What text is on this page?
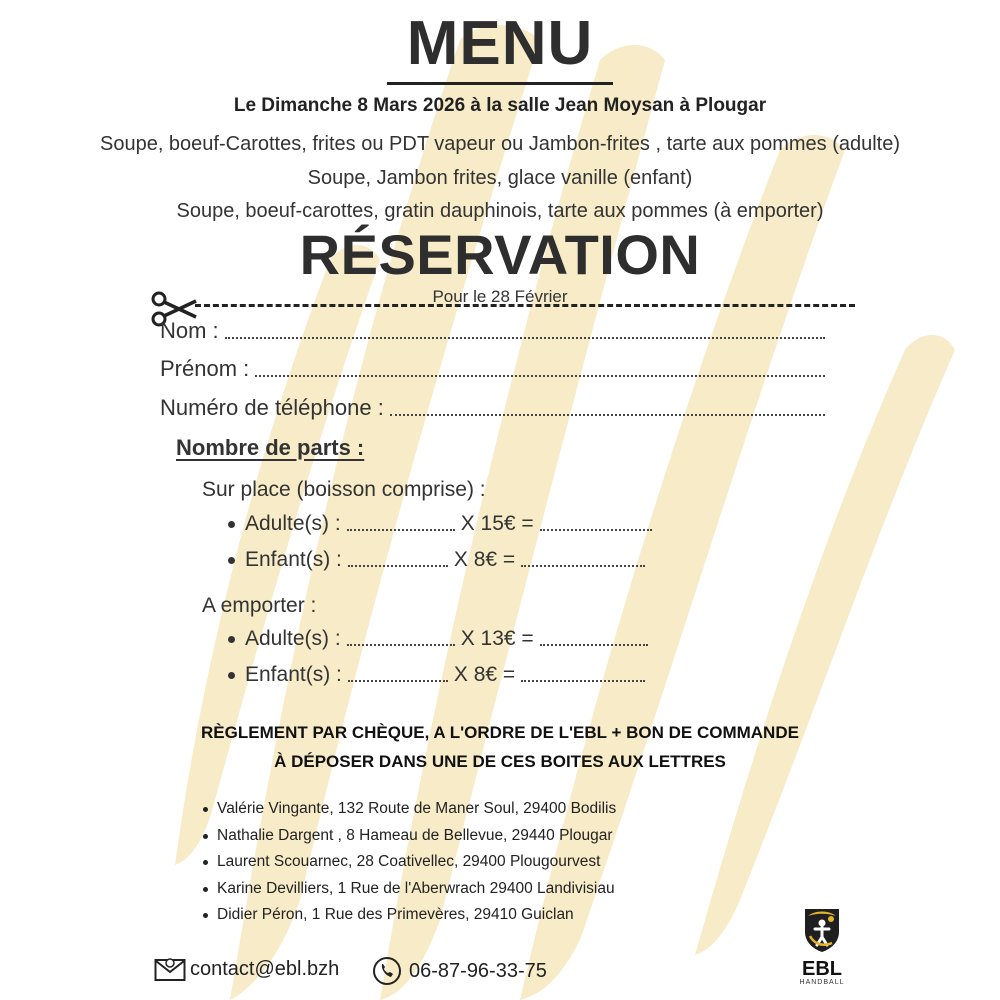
MENU
Le Dimanche 8 Mars 2026 à la salle Jean Moysan à Plougar
Soupe, boeuf-Carottes, frites ou PDT vapeur ou Jambon-frites , tarte aux pommes (adulte)
Soupe, Jambon frites, glace vanille (enfant)
Soupe, boeuf-carottes, gratin dauphinois, tarte aux pommes (à emporter)
RÉSERVATION
Pour le 28 Février
Nom :
Prénom :
Numéro de téléphone :
Nombre de parts :
Sur place (boisson comprise) :
Adulte(s) :	X 15€ =
Enfant(s) :	X 8€ =
A emporter :
Adulte(s) :	X 13€ =
Enfant(s) :	X 8€ =
RÈGLEMENT PAR CHÈQUE, A L'ORDRE DE L'EBL + BON DE COMMANDE
À DÉPOSER DANS UNE DE CES BOITES AUX LETTRES
Valérie Vingante, 132 Route de Maner Soul, 29400 Bodilis
Nathalie Dargent , 8 Hameau de Bellevue, 29440 Plougar
Laurent Scouarnec, 28 Coativellec, 29400 Plougourvest
Karine Devilliers, 1 Rue de l'Aberwrach 29400 Landivisiau
Didier Péron, 1 Rue des Primevères, 29410 Guiclan
contact@ebl.bzh	06-87-96-33-75	EBL
HANDBALL
